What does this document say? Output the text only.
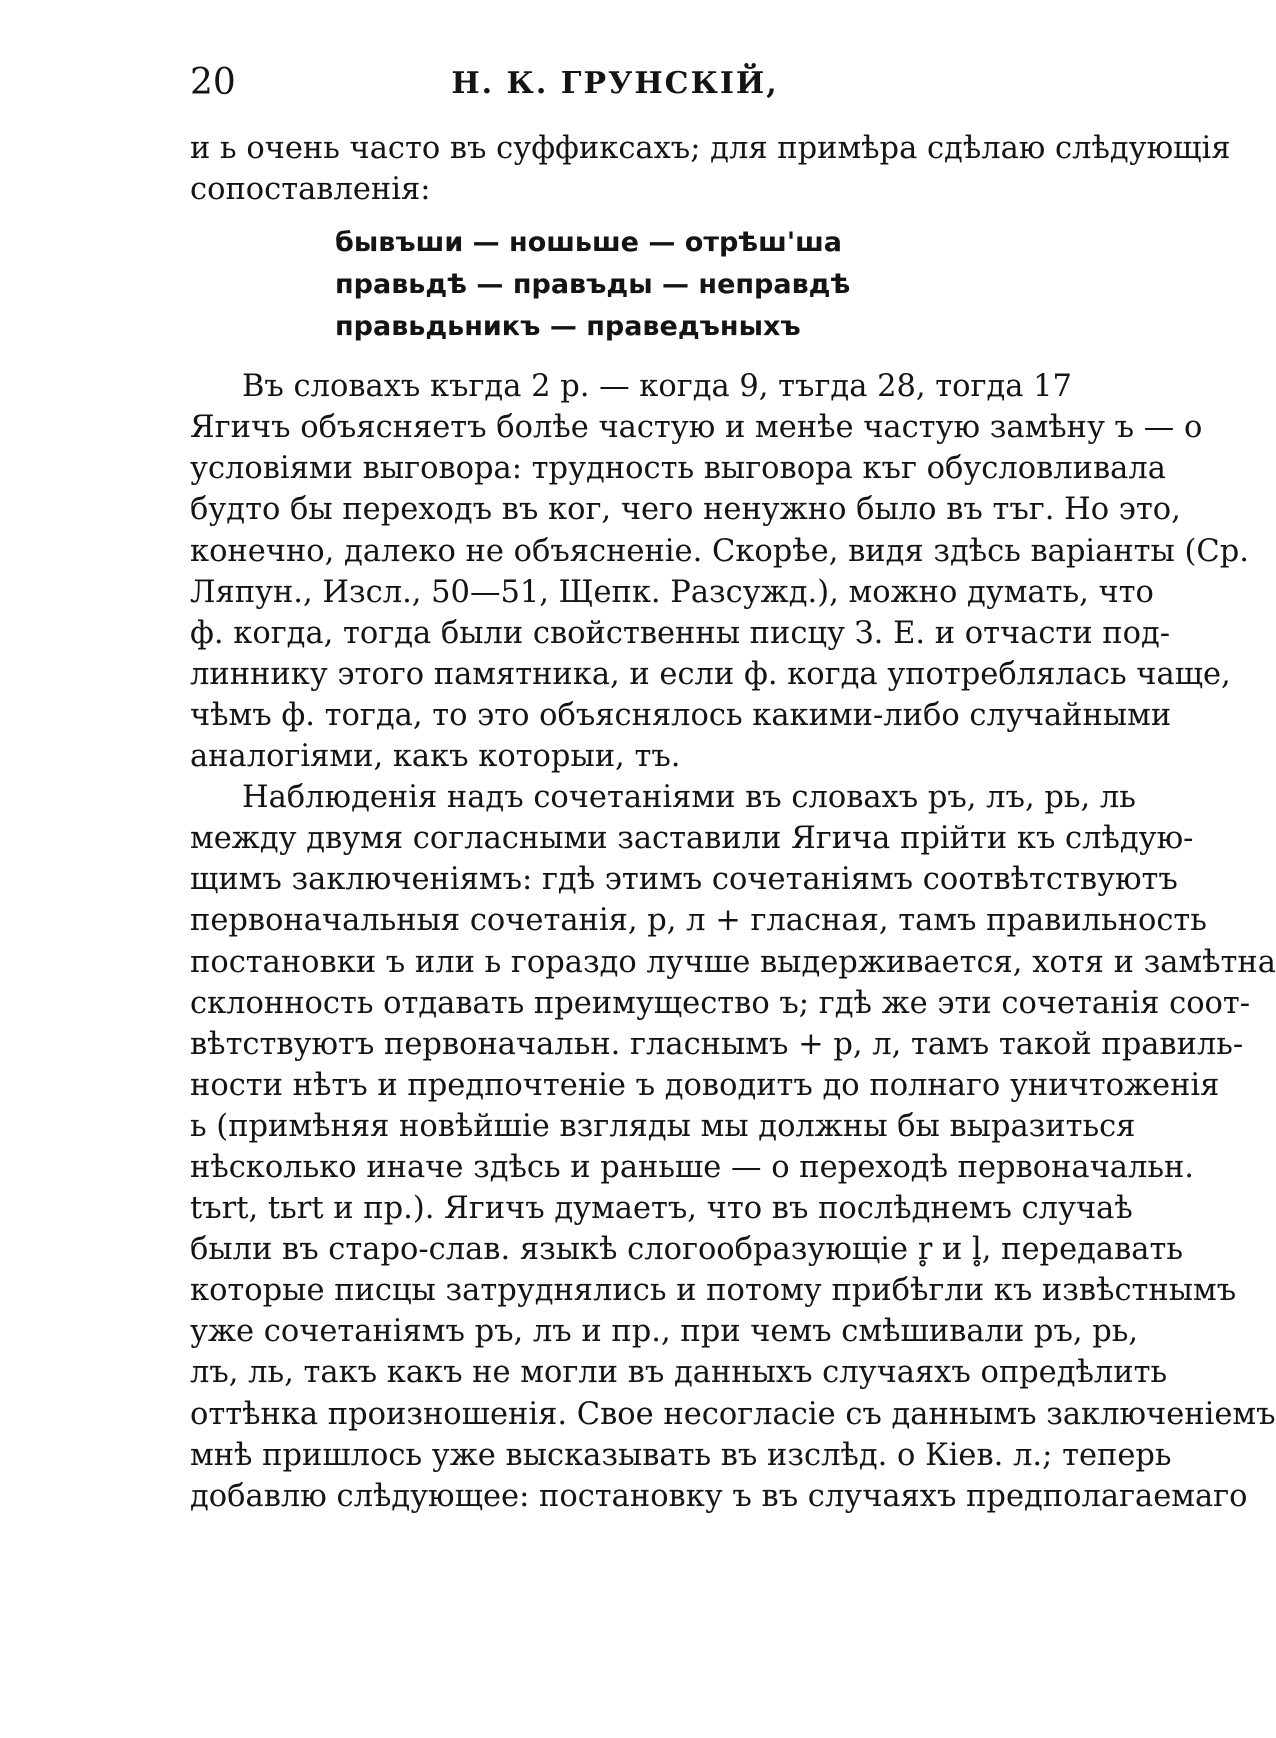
20	Н. К. ГРУНСКІЙ,
и ь очень часто въ суффиксахъ; для примѣра сдѣлаю слѣдующія
сопоставленія:
бывъши — ношьше — отрѣш'ша
правьдѣ — правъды — неправдѣ
правьдьникъ — праведъныхъ
Въ словахъ къгда 2 р. — когда 9, тъгда 28, тогда 17
Ягичъ объясняетъ болѣе частую и менѣе частую замѣну ъ — о
условіями выговора: трудность выговора къг обусловливала
будто бы переходъ въ ког, чего ненужно было въ тъг. Но это,
конечно, далеко не объясненіе. Скорѣе, видя здѣсь варіанты (Ср.
Ляпун., Изсл., 50—51, Щепк. Разсужд.), можно думать, что
ф. когда, тогда были свойственны писцу З. Е. и отчасти под-
линнику этого памятника, и если ф. когда употреблялась чаще,
чѣмъ ф. тогда, то это объяснялось какими-либо случайными
аналогіями, какъ которыи, тъ.
Наблюденія надъ сочетаніями въ словахъ ръ, лъ, рь, ль
между двумя согласными заставили Ягича прійти къ слѣдую-
щимъ заключеніямъ: гдѣ этимъ сочетаніямъ соотвѣтствуютъ
первоначальныя сочетанія, р, л + гласная, тамъ правильность
постановки ъ или ь гораздо лучше выдерживается, хотя и замѣтна
склонность отдавать преимущество ъ; гдѣ же эти сочетанія соот-
вѣтствуютъ первоначальн. гласнымъ + р, л, тамъ такой правиль-
ности нѣтъ и предпочтеніе ъ доводитъ до полнаго уничтоженія
ь (примѣняя новѣйшіе взгляды мы должны бы выразиться
нѣсколько иначе здѣсь и раньше — о переходѣ первоначальн.
tъrt, tьrt и пр.). Ягичъ думаетъ, что въ послѣднемъ случаѣ
были въ старо-слав. языкѣ слогообразующіе r̥ и l̥, передавать
которые писцы затруднялись и потому прибѣгли къ извѣстнымъ
уже сочетаніямъ ръ, лъ и пр., при чемъ смѣшивали ръ, рь,
лъ, ль, такъ какъ не могли въ данныхъ случаяхъ опредѣлить
оттѣнка произношенія. Свое несогласіе съ даннымъ заключеніемъ
мнѣ пришлось уже высказывать въ изслѣд. о Кіев. л.; теперь
добавлю слѣдующее: постановку ъ въ случаяхъ предполагаемаго
